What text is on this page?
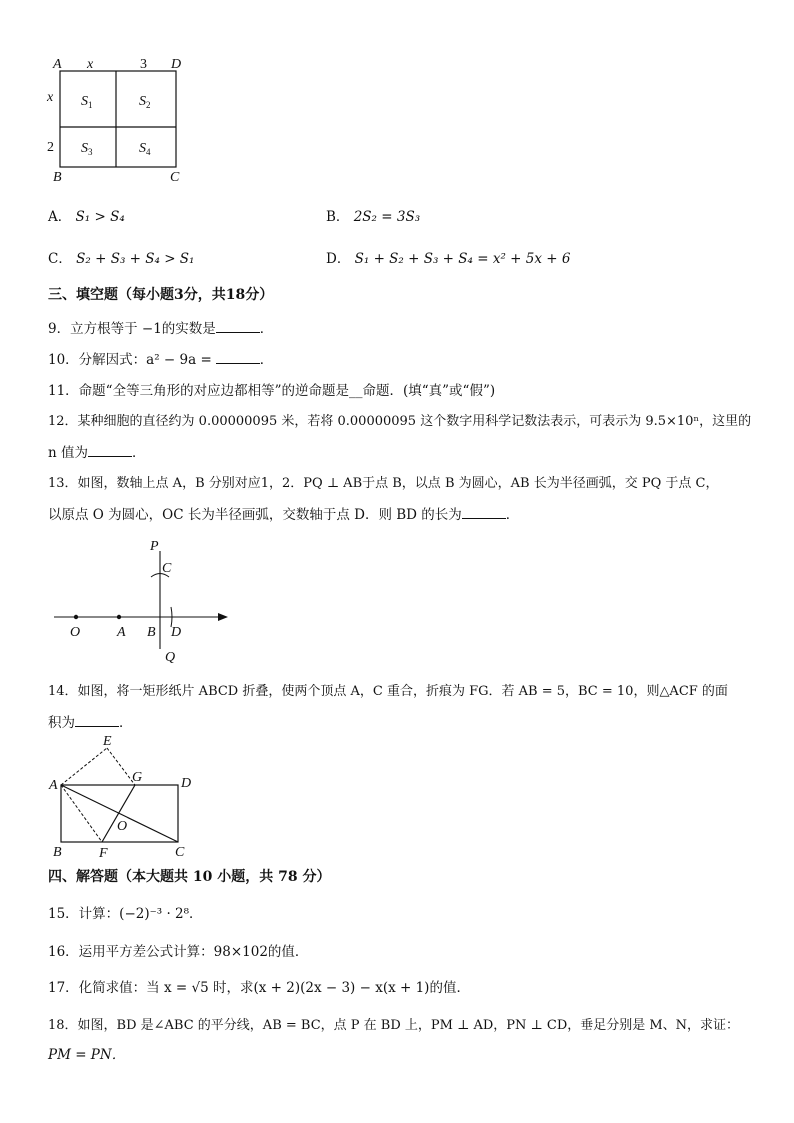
A x	3 D
x
2
B	C
$S_1$	$S_2$
$S_3$	$S_4$
A． S₁ > S₄	B． 2S₂ = 3S₃
C． S₂ + S₃ + S₄ > S₁	D． S₁ + S₂ + S₃ + S₄ = x² + 5x + 6
三、填空题（每小题3分，共18分）
9．立方根等于 −1的实数是	．
10．分解因式：a² − 9a =	．
11．命题“全等三角形的对应边都相等”的逆命题是__命题．(填“真”或“假”)
12．某种细胞的直径约为 0.00000095 米，若将 0.00000095 这个数字用科学记数法表示，可表示为 9.5×10ⁿ，这里的
n 值为	．
13．如图，数轴上点 A，B 分别对应1，2．PQ ⊥ AB于点 B，以点 B 为圆心，AB 长为半径画弧，交 PQ 于点 C，
以原点 O 为圆心，OC 长为半径画弧，交数轴于点 D．则 BD 的长为	．
P
C
O	A B D
Q
14．如图，将一矩形纸片 ABCD 折叠，使两个顶点 A，C 重合，折痕为 FG．若 AB = 5，BC = 10，则△ACF 的面
积为	．
E
G
A	D
O
B	F	C
四、解答题（本大题共 10 小题，共 78 分）
15．计算：(−2)⁻³ · 2⁸．
16．运用平方差公式计算：98×102的值．
17．化简求值：当 x = √5 时，求(x + 2)(2x − 3) − x(x + 1)的值．
18．如图，BD 是∠ABC 的平分线，AB = BC，点 P 在 BD 上，PM ⊥ AD，PN ⊥ CD，垂足分别是 M、N，求证：
PM = PN．
